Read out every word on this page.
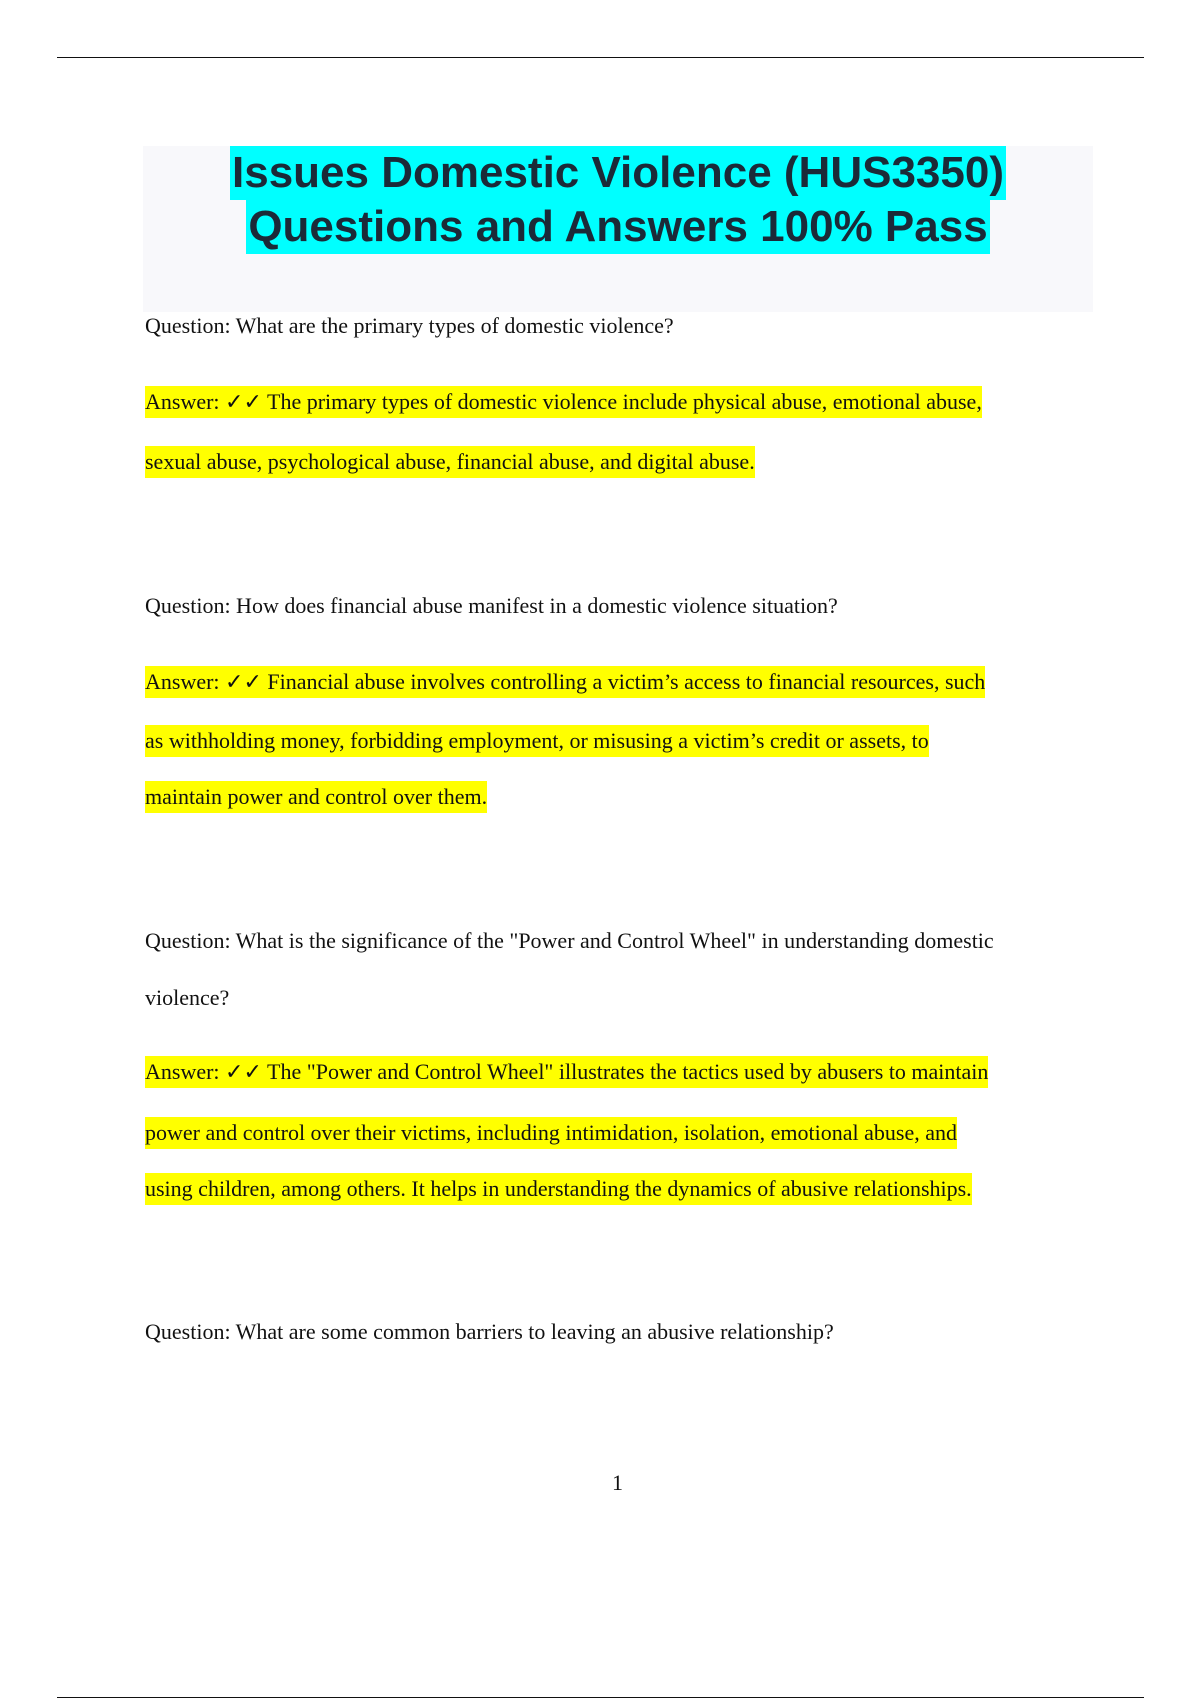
Issues Domestic Violence (HUS3350)
Questions and Answers 100% Pass
Question: What are the primary types of domestic violence?
Answer: ✓✓ The primary types of domestic violence include physical abuse, emotional abuse,
sexual abuse, psychological abuse, financial abuse, and digital abuse.
Question: How does financial abuse manifest in a domestic violence situation?
Answer: ✓✓ Financial abuse involves controlling a victim’s access to financial resources, such
as withholding money, forbidding employment, or misusing a victim’s credit or assets, to
maintain power and control over them.
Question: What is the significance of the "Power and Control Wheel" in understanding domestic
violence?
Answer: ✓✓ The "Power and Control Wheel" illustrates the tactics used by abusers to maintain
power and control over their victims, including intimidation, isolation, emotional abuse, and
using children, among others. It helps in understanding the dynamics of abusive relationships.
Question: What are some common barriers to leaving an abusive relationship?
1
